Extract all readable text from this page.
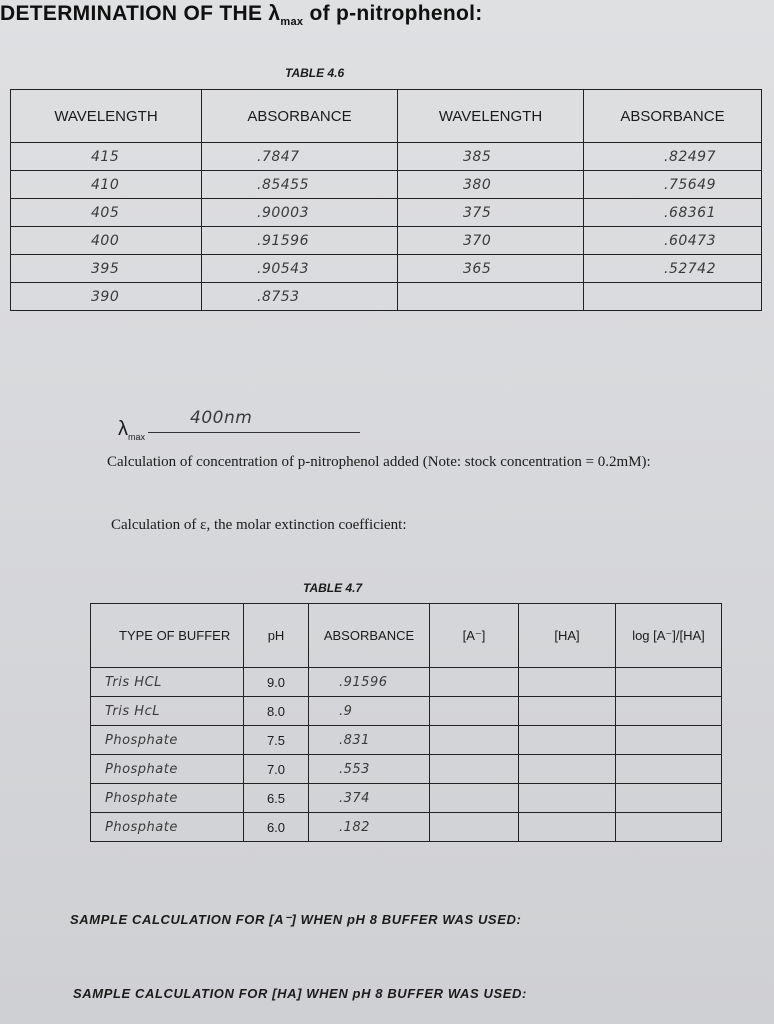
DETERMINATION OF THE $\lambda_{max}$ of p-nitrophenol:
TABLE 4.6
WAVELENGTH	ABSORBANCE	WAVELENGTH	ABSORBANCE
415	.7847	385	.82497
410	.85455	380	.75649
405	.90003	375	.68361
400	.91596	370	.60473
395	.90543	365	.52742
390	.8753		
$\lambda_{max}$
400nm
Calculation of concentration of p-nitrophenol added (Note: stock concentration = 0.2mM):
Calculation of ε, the molar extinction coefficient:
TABLE 4.7
TYPE OF BUFFER	pH	ABSORBANCE	[A⁻]	[HA]	log [A⁻]/[HA]
Tris HCL	9.0	.91596			
Tris HcL	8.0	.9			
Phosphate	7.5	.831			
Phosphate	7.0	.553			
Phosphate	6.5	.374			
Phosphate	6.0	.182			
SAMPLE CALCULATION FOR [A⁻] WHEN pH 8 BUFFER WAS USED:
SAMPLE CALCULATION FOR [HA] WHEN pH 8 BUFFER WAS USED:
